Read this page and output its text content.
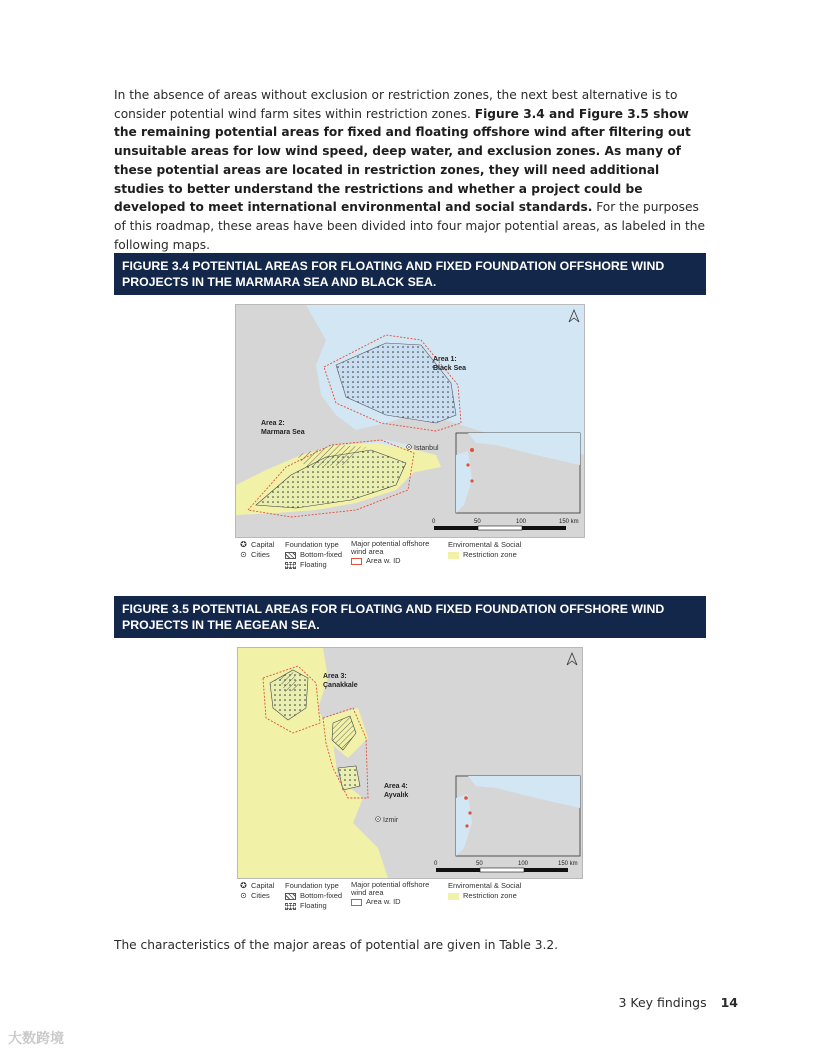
In the absence of areas without exclusion or restriction zones, the next best alternative is to consider potential wind farm sites within restriction zones. Figure 3.4 and Figure 3.5 show the remaining potential areas for fixed and floating offshore wind after filtering out unsuitable areas for low wind speed, deep water, and exclusion zones. As many of these potential areas are located in restriction zones, they will need additional studies to better understand the restrictions and whether a project could be developed to meet international environmental and social standards. For the purposes of this roadmap, these areas have been divided into four major potential areas, as labeled in the following maps.

FIGURE 3.4 POTENTIAL AREAS FOR FLOATING AND FIXED FOUNDATION OFFSHORE WIND PROJECTS IN THE MARMARA SEA AND BLACK SEA.
Area 1:
Black Sea
Area 2:
Marmara Sea
Istanbul
0	50	100	150 km
✪ Capital
⊙ Cities
Foundation type
Bottom-fixed
Floating
Major potential offshore
wind area
Area w. ID
Enviromental & Social
Restriction zone
FIGURE 3.5 POTENTIAL AREAS FOR FLOATING AND FIXED FOUNDATION OFFSHORE WIND PROJECTS IN THE AEGEAN SEA.
Area 3:
Çanakkale
Area 4:
Ayvalık
Izmir
0	50	100	150 km
✪ Capital
⊙ Cities
Foundation type
Bottom-fixed
Floating
Major potential offshore
wind area
Area w. ID
Enviromental & Social
Restriction zone

The characteristics of the major areas of potential are given in Table 3.2.

3 Key findings 14
大数跨境
